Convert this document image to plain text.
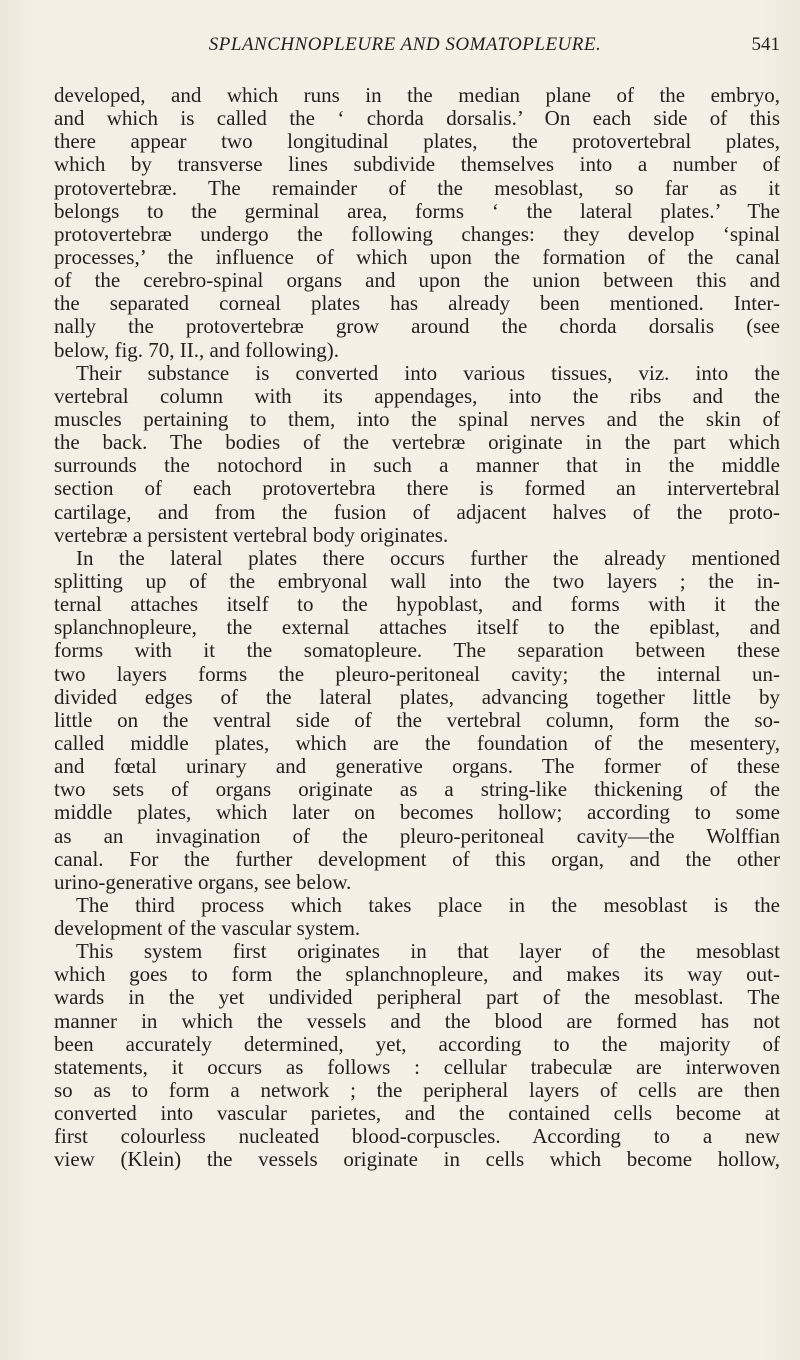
SPLANCHNOPLEURE AND SOMATOPLEURE.	541
developed, and which runs in the median plane of the embryo,
and which is called the ‘ chorda dorsalis.’ On each side of this
there appear two longitudinal plates, the protovertebral plates,
which by transverse lines subdivide themselves into a number of
protovertebræ. The remainder of the mesoblast, so far as it
belongs to the germinal area, forms ‘ the lateral plates.’ The
protovertebræ undergo the following changes: they develop ‘spinal
processes,’ the influence of which upon the formation of the canal
of the cerebro-spinal organs and upon the union between this and
the separated corneal plates has already been mentioned. Inter-
nally the protovertebræ grow around the chorda dorsalis (see
below, fig. 70, II., and following).
Their substance is converted into various tissues, viz. into the
vertebral column with its appendages, into the ribs and the
muscles pertaining to them, into the spinal nerves and the skin of
the back. The bodies of the vertebræ originate in the part which
surrounds the notochord in such a manner that in the middle
section of each protovertebra there is formed an intervertebral
cartilage, and from the fusion of adjacent halves of the proto-
vertebræ a persistent vertebral body originates.
In the lateral plates there occurs further the already mentioned
splitting up of the embryonal wall into the two layers ; the in-
ternal attaches itself to the hypoblast, and forms with it the
splanchnopleure, the external attaches itself to the epiblast, and
forms with it the somatopleure. The separation between these
two layers forms the pleuro-peritoneal cavity; the internal un-
divided edges of the lateral plates, advancing together little by
little on the ventral side of the vertebral column, form the so-
called middle plates, which are the foundation of the mesentery,
and fœtal urinary and generative organs. The former of these
two sets of organs originate as a string-like thickening of the
middle plates, which later on becomes hollow; according to some
as an invagination of the pleuro-peritoneal cavity—the Wolffian
canal. For the further development of this organ, and the other
urino-generative organs, see below.
The third process which takes place in the mesoblast is the
development of the vascular system.
This system first originates in that layer of the mesoblast
which goes to form the splanchnopleure, and makes its way out-
wards in the yet undivided peripheral part of the mesoblast. The
manner in which the vessels and the blood are formed has not
been accurately determined, yet, according to the majority of
statements, it occurs as follows : cellular trabeculæ are interwoven
so as to form a network ; the peripheral layers of cells are then
converted into vascular parietes, and the contained cells become at
first colourless nucleated blood-corpuscles. According to a new
view (Klein) the vessels originate in cells which become hollow,
